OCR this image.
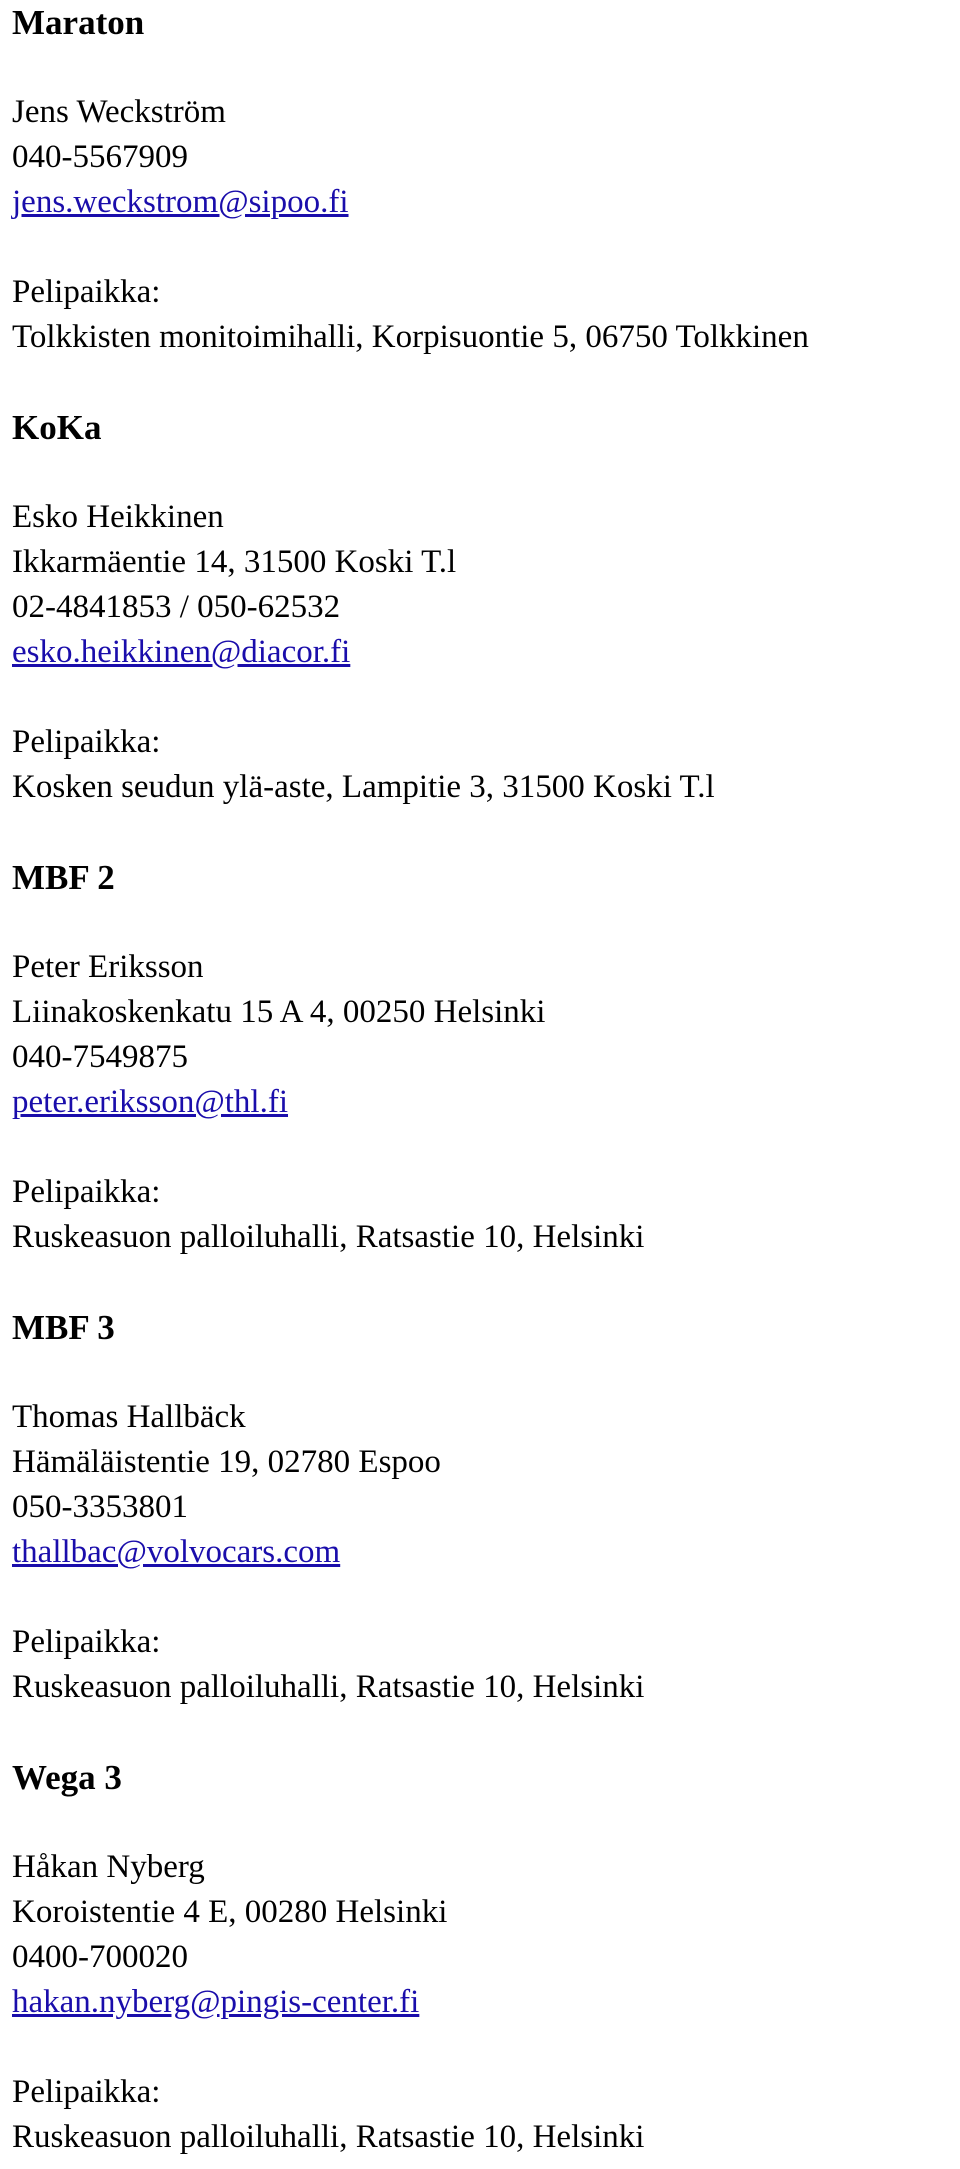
Maraton
Jens Weckström
040-5567909
jens.weckstrom@sipoo.fi
Pelipaikka:
Tolkkisten monitoimihalli, Korpisuontie 5, 06750 Tolkkinen
KoKa
Esko Heikkinen
Ikkarmäentie 14, 31500 Koski T.l
02-4841853 / 050-62532
esko.heikkinen@diacor.fi
Pelipaikka:
Kosken seudun ylä-aste, Lampitie 3, 31500 Koski T.l
MBF 2
Peter Eriksson
Liinakoskenkatu 15 A 4, 00250 Helsinki
040-7549875
peter.eriksson@thl.fi
Pelipaikka:
Ruskeasuon palloiluhalli, Ratsastie 10, Helsinki
MBF 3
Thomas Hallbäck
Hämäläistentie 19, 02780 Espoo
050-3353801
thallbac@volvocars.com
Pelipaikka:
Ruskeasuon palloiluhalli, Ratsastie 10, Helsinki
Wega 3
Håkan Nyberg
Koroistentie 4 E, 00280 Helsinki
0400-700020
hakan.nyberg@pingis-center.fi
Pelipaikka:
Ruskeasuon palloiluhalli, Ratsastie 10, Helsinki
